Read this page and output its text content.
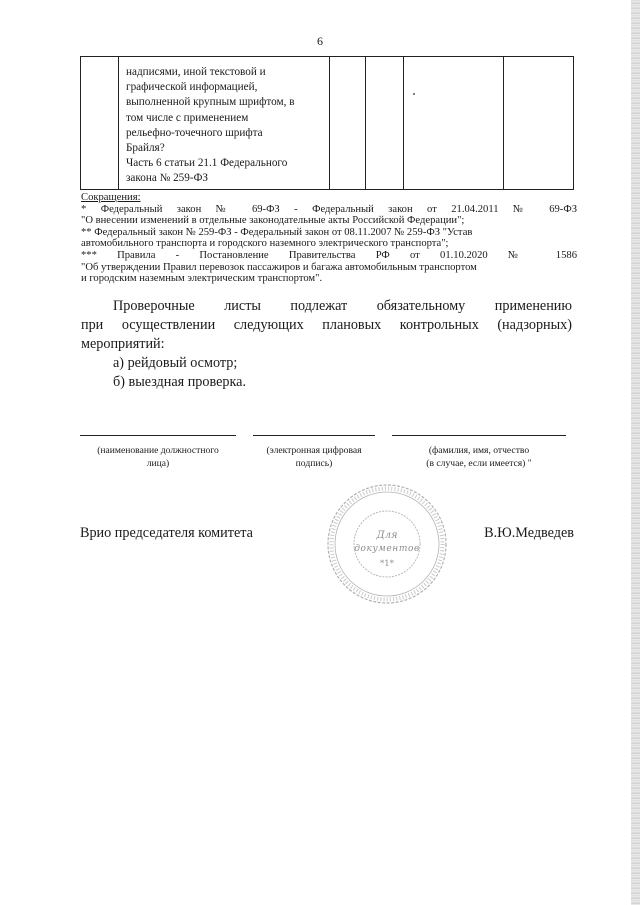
6
надписями, иной текстовой и
графической информацией,
выполненной крупным шрифтом, в
том числе с применением
рельефно-точечного шрифта
Брайля?
Часть 6 статьи 21.1 Федерального
закона № 259-ФЗ
Сокращения:
* Федеральный закон № 69-ФЗ - Федеральный закон от 21.04.2011 № 69-ФЗ
"О внесении изменений в отдельные законодательные акты Российской Федерации";
** Федеральный закон № 259-ФЗ - Федеральный закон от 08.11.2007 № 259-ФЗ "Устав
автомобильного транспорта и городского наземного электрического транспорта";
*** Правила - Постановление Правительства РФ от 01.10.2020 № 1586
"Об утверждении Правил перевозок пассажиров и багажа автомобильным транспортом
и городским наземным электрическим транспортом".
Проверочные листы подлежат обязательному применению
при осуществлении следующих плановых контрольных (надзорных)
мероприятий:
а) рейдовый осмотр;
б) выездная проверка.
(наименование должностного
лица)
(электронная цифровая
подпись)
(фамилия, имя, отчество
(в случае, если имеется) "
Врио председателя комитета	В.Ю.Медведев
Для
документов
*1*
